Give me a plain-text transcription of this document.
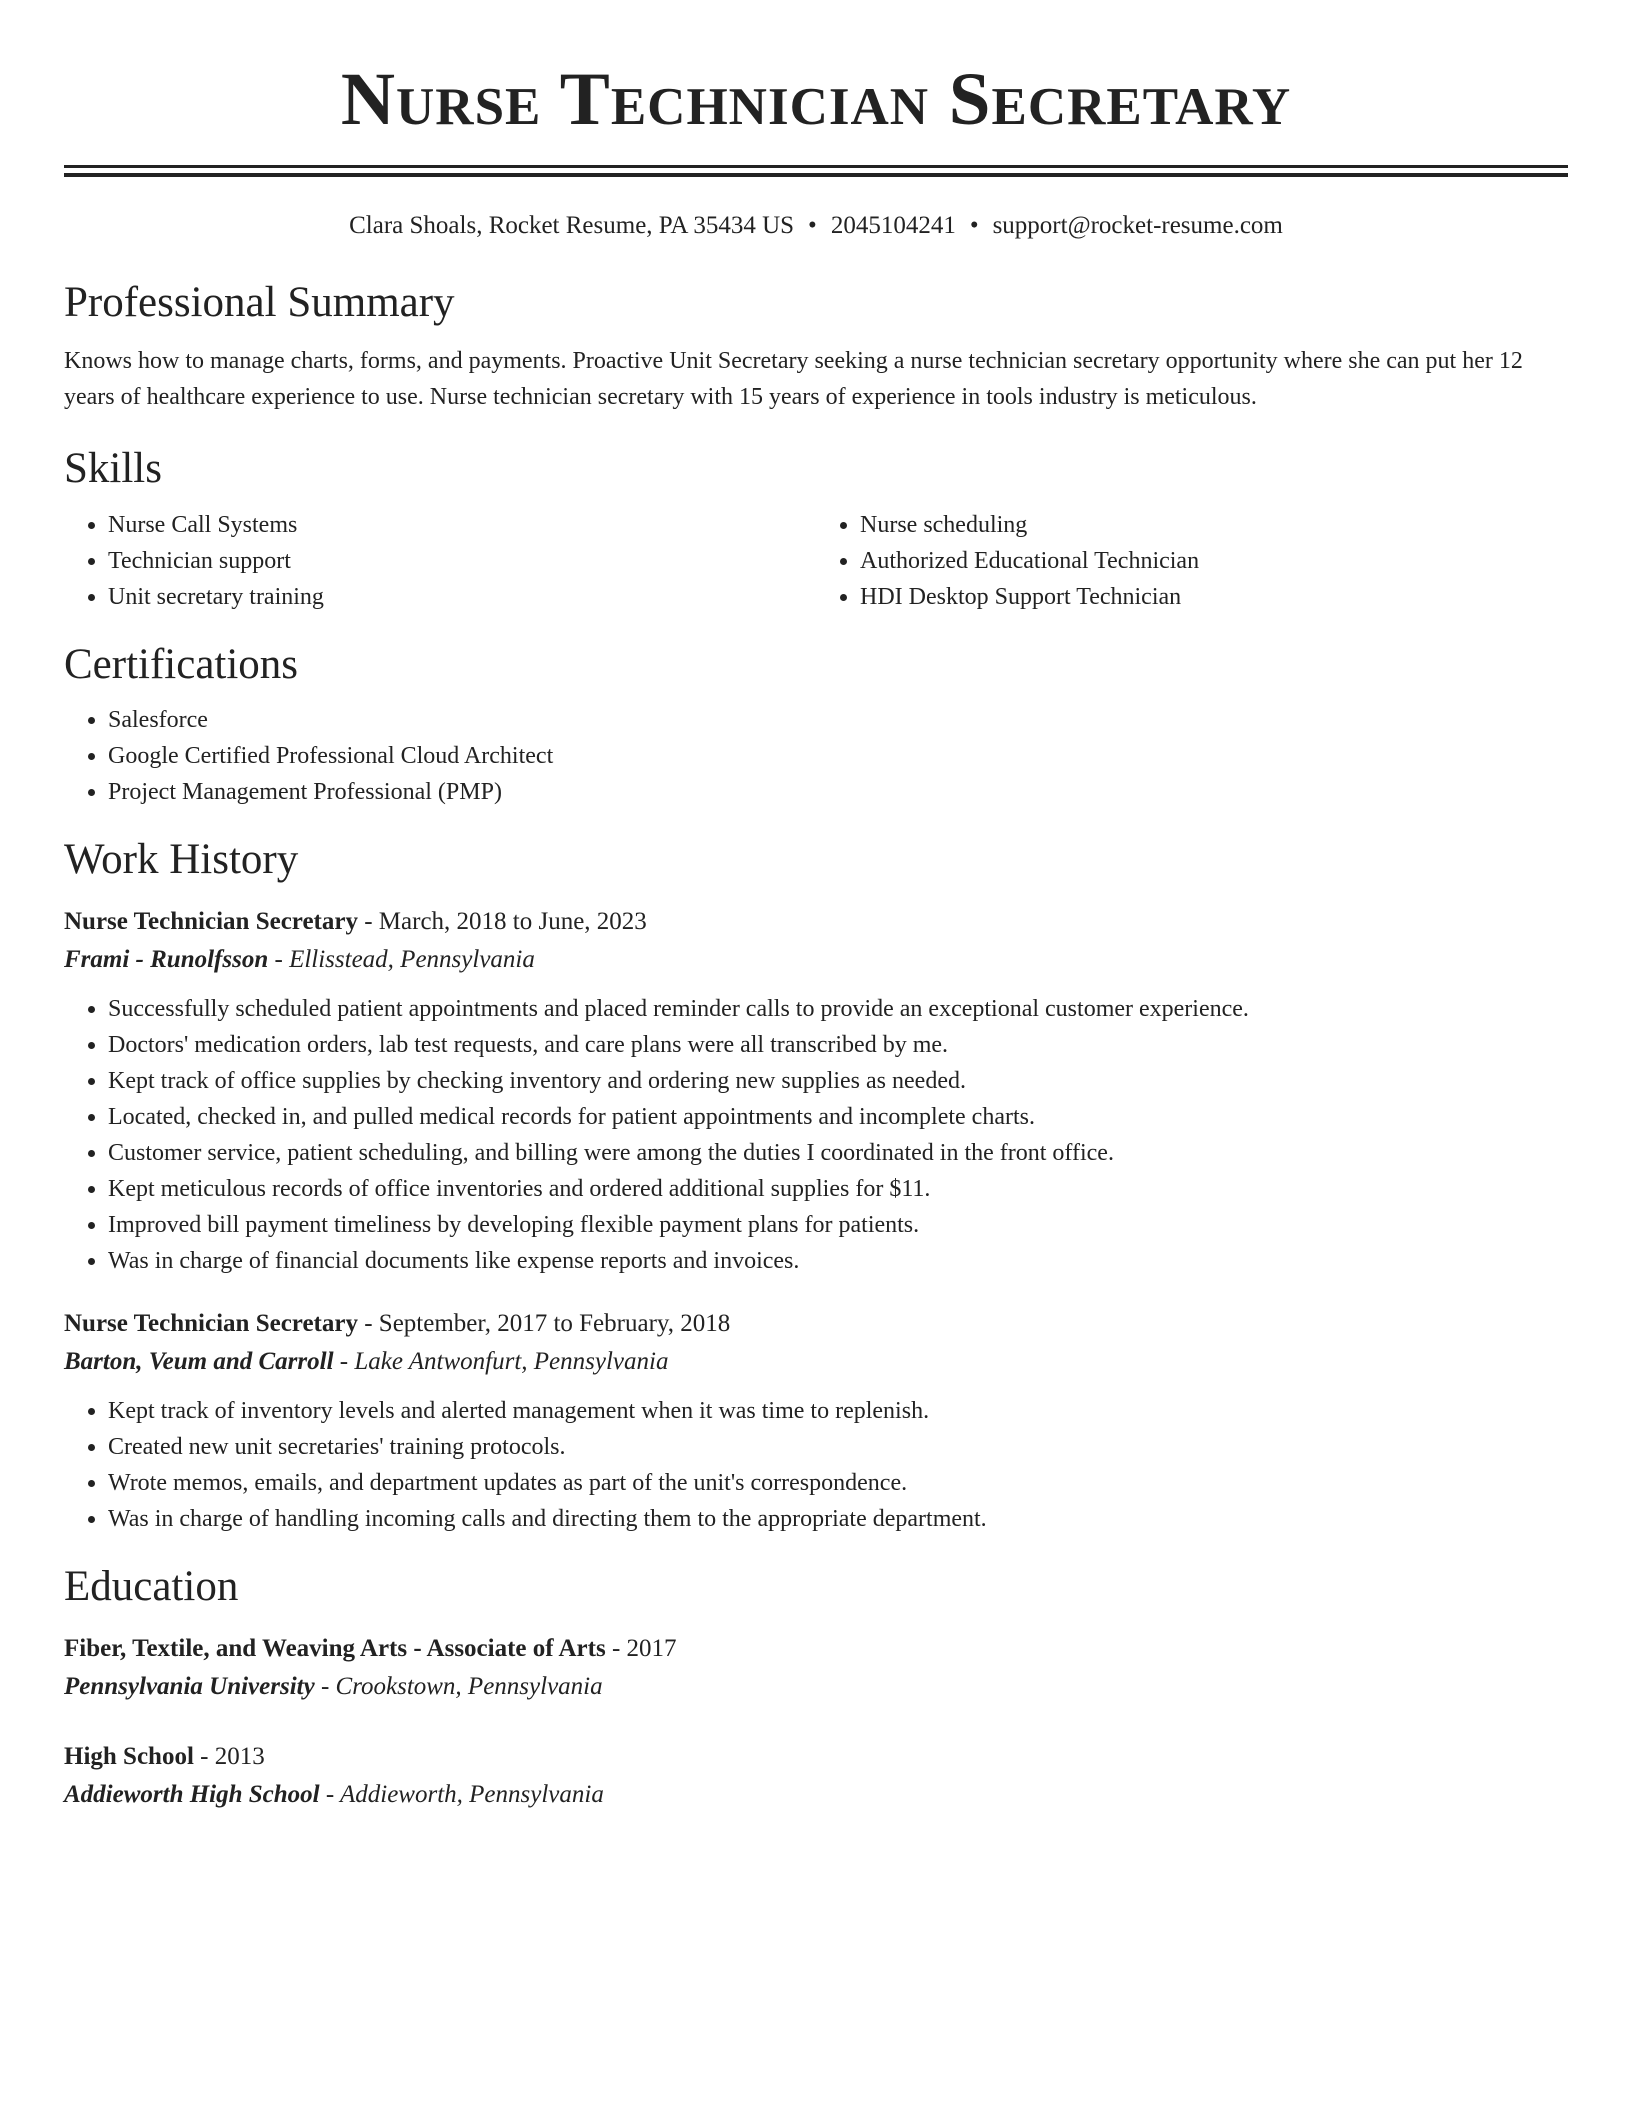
Nurse Technician Secretary
Clara Shoals, Rocket Resume, PA 35434 US • 2045104241 • support@rocket-resume.com
Professional Summary
Knows how to manage charts, forms, and payments. Proactive Unit Secretary seeking a nurse technician secretary opportunity where she can put her 12 years of healthcare experience to use. Nurse technician secretary with 15 years of experience in tools industry is meticulous.
Skills
• Nurse Call Systems
• Technician support
• Unit secretary training
• Nurse scheduling
• Authorized Educational Technician
• HDI Desktop Support Technician
Certifications
• Salesforce
• Google Certified Professional Cloud Architect
• Project Management Professional (PMP)
Work History
Nurse Technician Secretary - March, 2018 to June, 2023
Frami - Runolfsson - Ellisstead, Pennsylvania
• Successfully scheduled patient appointments and placed reminder calls to provide an exceptional customer experience.
• Doctors' medication orders, lab test requests, and care plans were all transcribed by me.
• Kept track of office supplies by checking inventory and ordering new supplies as needed.
• Located, checked in, and pulled medical records for patient appointments and incomplete charts.
• Customer service, patient scheduling, and billing were among the duties I coordinated in the front office.
• Kept meticulous records of office inventories and ordered additional supplies for $11.
• Improved bill payment timeliness by developing flexible payment plans for patients.
• Was in charge of financial documents like expense reports and invoices.
Nurse Technician Secretary - September, 2017 to February, 2018
Barton, Veum and Carroll - Lake Antwonfurt, Pennsylvania
• Kept track of inventory levels and alerted management when it was time to replenish.
• Created new unit secretaries' training protocols.
• Wrote memos, emails, and department updates as part of the unit's correspondence.
• Was in charge of handling incoming calls and directing them to the appropriate department.
Education
Fiber, Textile, and Weaving Arts - Associate of Arts - 2017
Pennsylvania University - Crookstown, Pennsylvania
High School - 2013
Addieworth High School - Addieworth, Pennsylvania
